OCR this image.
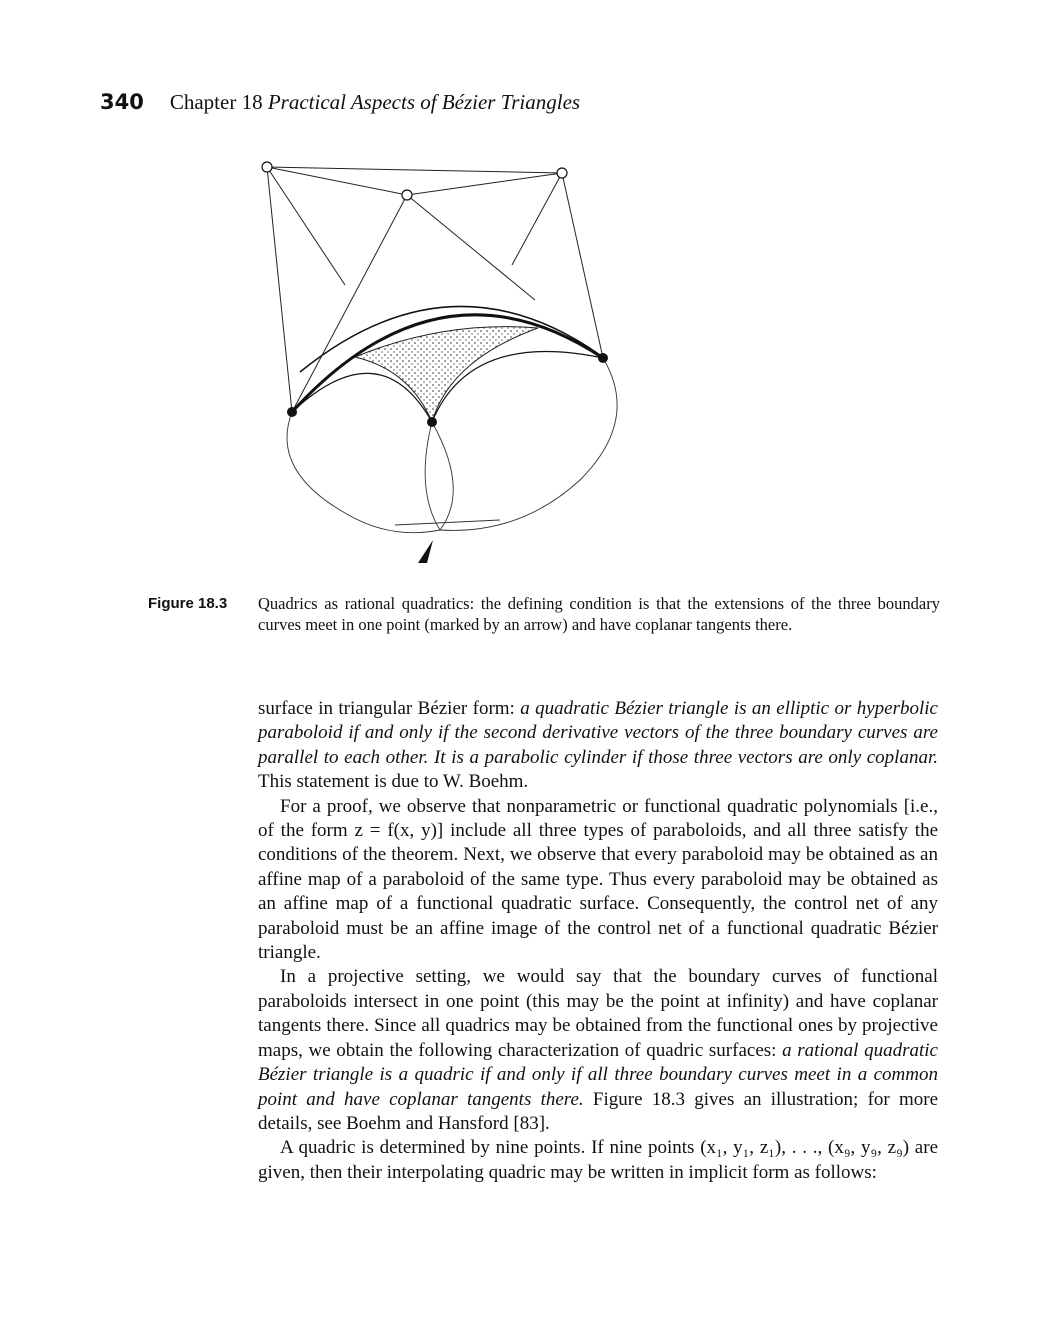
340 Chapter 18 Practical Aspects of Bézier Triangles
Figure 18.3	Quadrics as rational quadratics: the defining condition is that the extensions of the three boundary curves meet in one point (marked by an arrow) and have coplanar tangents there.

surface in triangular Bézier form: a quadratic Bézier triangle is an elliptic or hyperbolic paraboloid if and only if the second derivative vectors of the three boundary curves are parallel to each other. It is a parabolic cylinder if those three vectors are only coplanar. This statement is due to W. Boehm.

For a proof, we observe that nonparametric or functional quadratic polynomials [i.e., of the form z = f(x, y)] include all three types of paraboloids, and all three satisfy the conditions of the theorem. Next, we observe that every paraboloid may be obtained as an affine map of a paraboloid of the same type. Thus every paraboloid may be obtained as an affine map of a functional quadratic surface. Consequently, the control net of any paraboloid must be an affine image of the control net of a functional quadratic Bézier triangle.

In a projective setting, we would say that the boundary curves of functional paraboloids intersect in one point (this may be the point at infinity) and have coplanar tangents there. Since all quadrics may be obtained from the functional ones by projective maps, we obtain the following characterization of quadric surfaces: a rational quadratic Bézier triangle is a quadric if and only if all three boundary curves meet in a common point and have coplanar tangents there. Figure 18.3 gives an illustration; for more details, see Boehm and Hansford [83].

A quadric is determined by nine points. If nine points (x₁, y₁, z₁), . . ., (x₉, y₉, z₉) are given, then their interpolating quadric may be written in implicit form as follows:
